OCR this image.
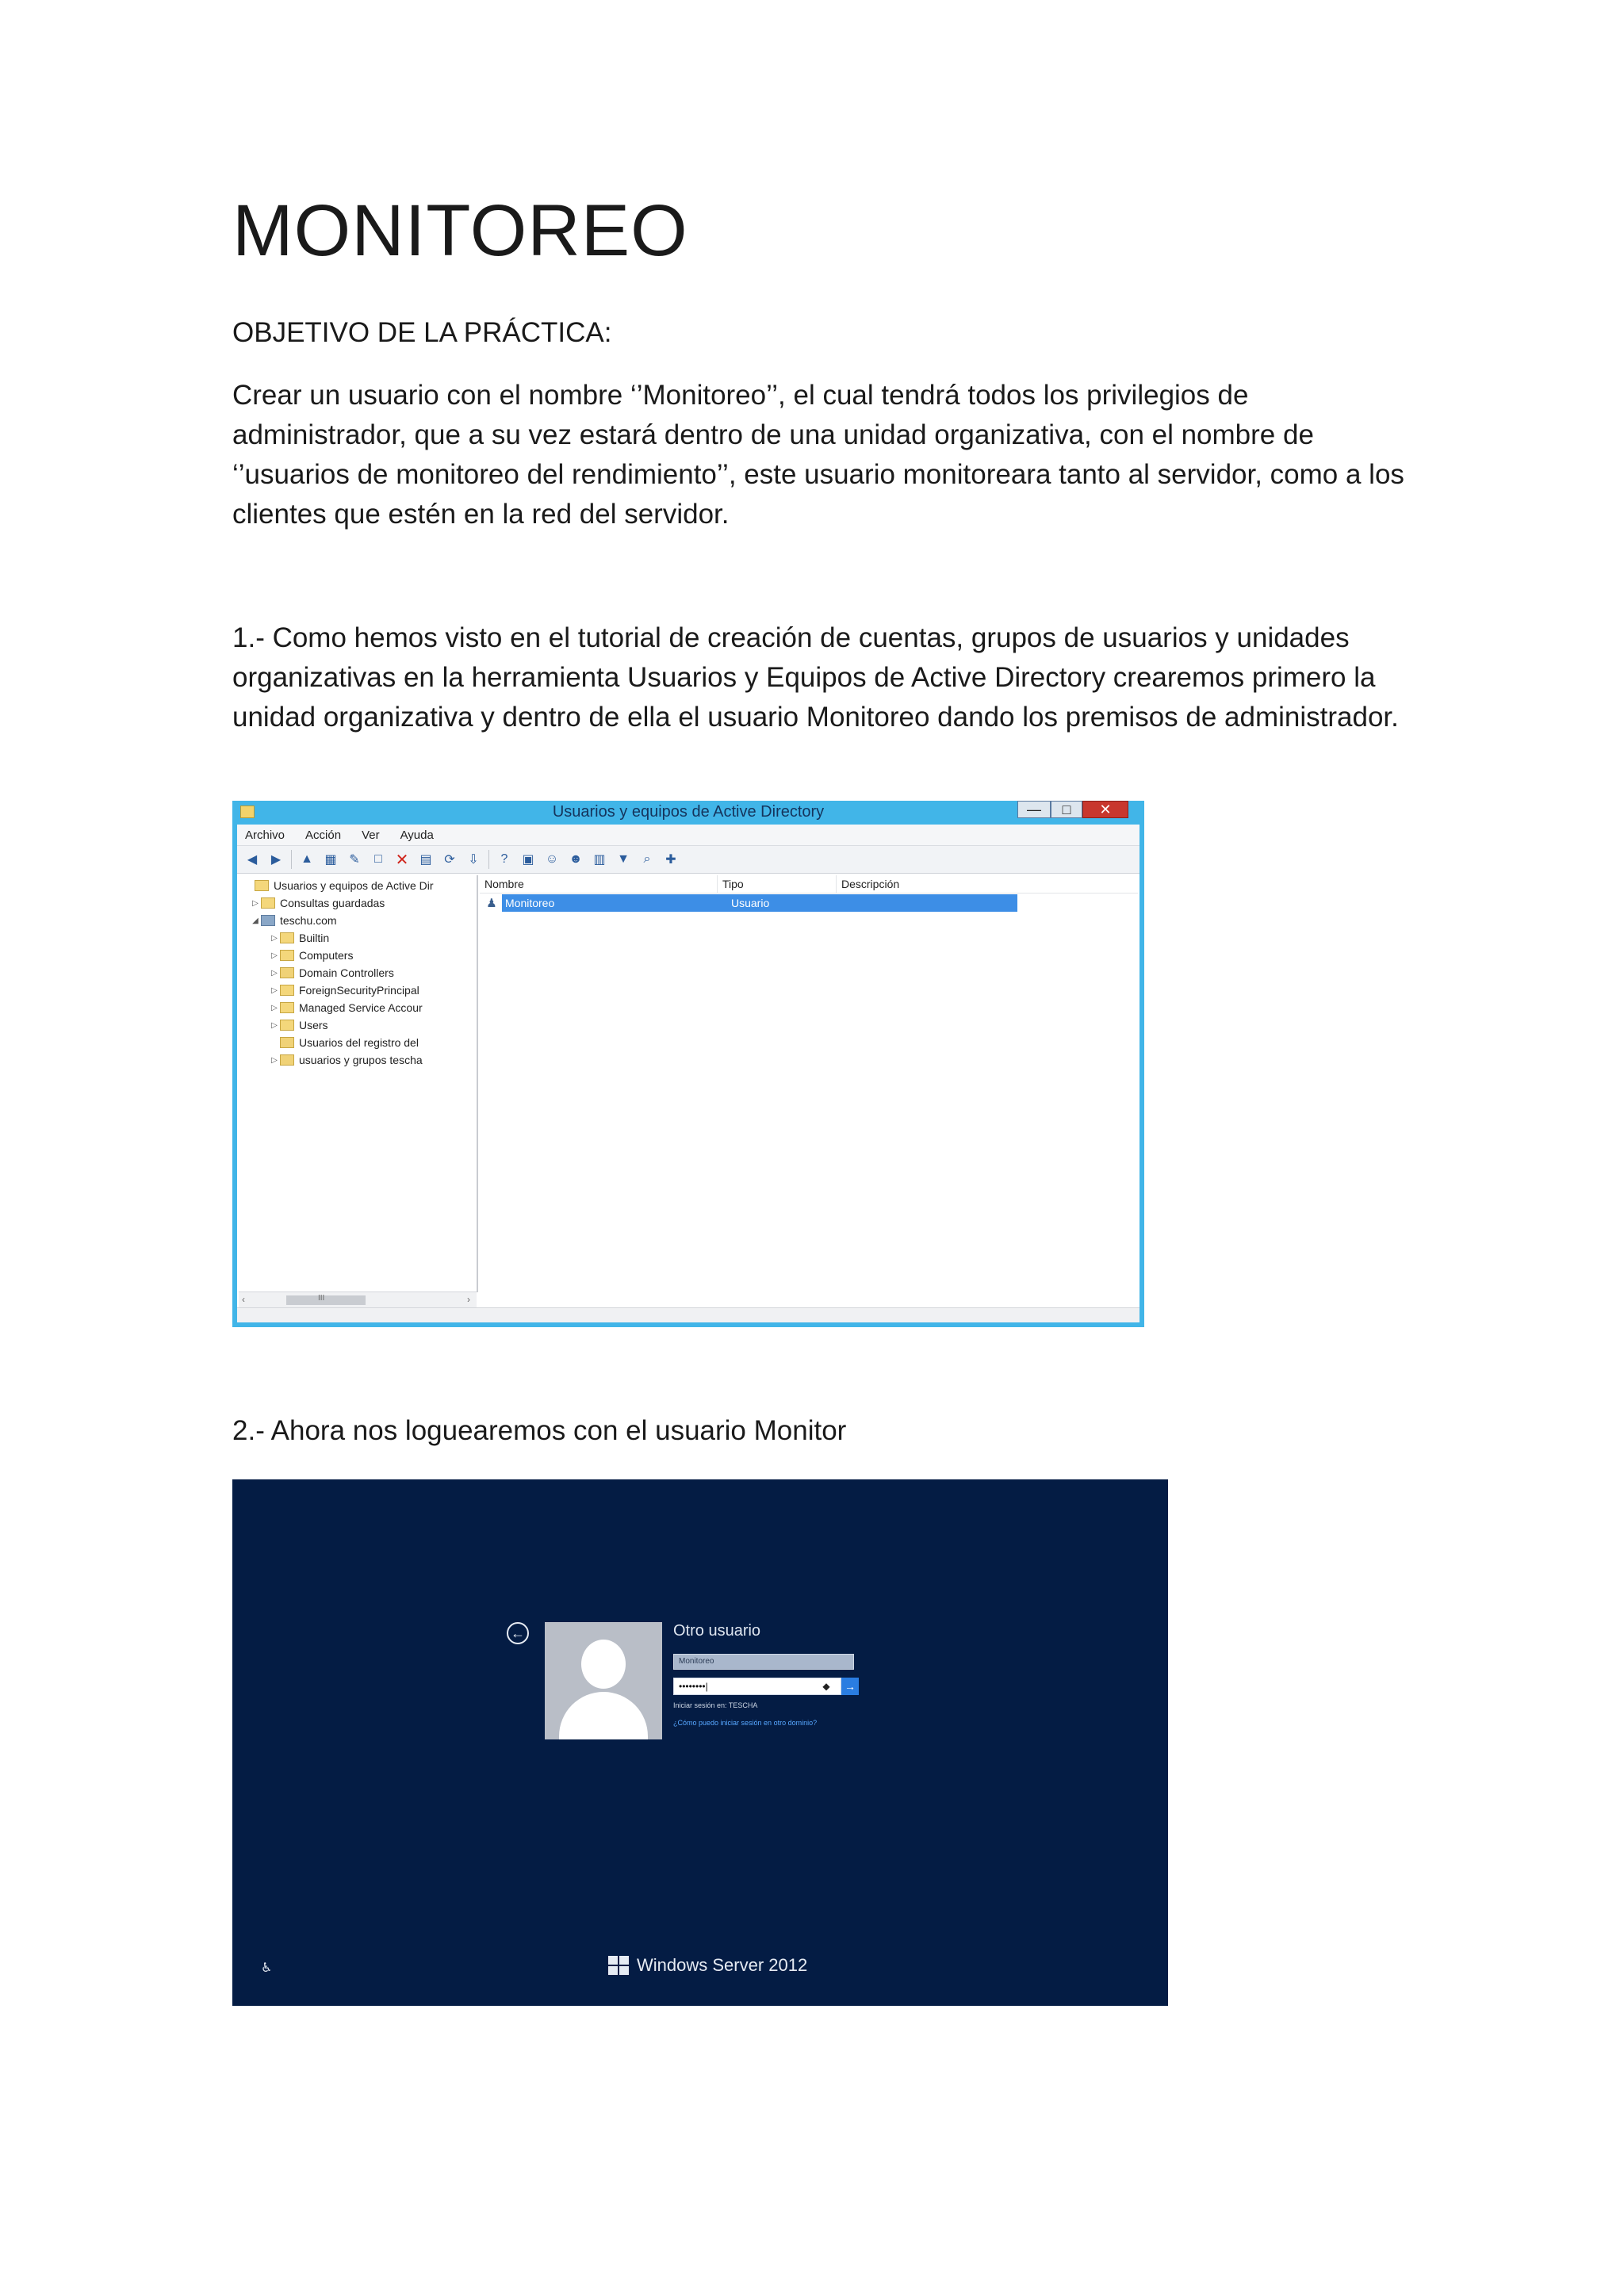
MONITOREO

OBJETIVO DE LA PRÁCTICA:

Crear un usuario con el nombre ‘’Monitoreo’’, el cual tendrá todos los privilegios de administrador, que a su vez estará dentro de una unidad organizativa, con el nombre de ‘’usuarios de monitoreo del rendimiento’’, este usuario monitoreara tanto al servidor, como a los clientes que estén en la red del servidor.

1.- Como hemos visto en el tutorial de creación de cuentas, grupos de usuarios y unidades organizativas en la herramienta Usuarios y Equipos de Active Directory crearemos primero la unidad organizativa y dentro de ella el usuario Monitoreo dando los premisos de administrador.

Usuarios y equipos de Active Directory	—	□	✕
Archivo Acción Ver Ayuda
◀	▶	▲ ▦ ✎	□ ✕ ▤ ⟳ ⇩	?	▣ ☺ ☻ ▥ ▼	⌕	✚
Usuarios y equipos de Active Dir
▷ Consultas guardadas
◢ teschu.com
▷ Builtin
▷ Computers
▷ Domain Controllers
▷ ForeignSecurityPrincipal
▷ Managed Service Accour
▷ Users
Usuarios del registro del
▷ usuarios y grupos tescha
Nombre	Tipo	Descripción
♟ Monitoreo	Usuario
‹	III	›

2.- Ahora nos loguearemos con el usuario Monitor

←	Otro usuario
Monitoreo
••••••••|	◆	→
Iniciar sesión en: TESCHA
¿Cómo puedo iniciar sesión en otro dominio?
♿	Windows Server 2012
